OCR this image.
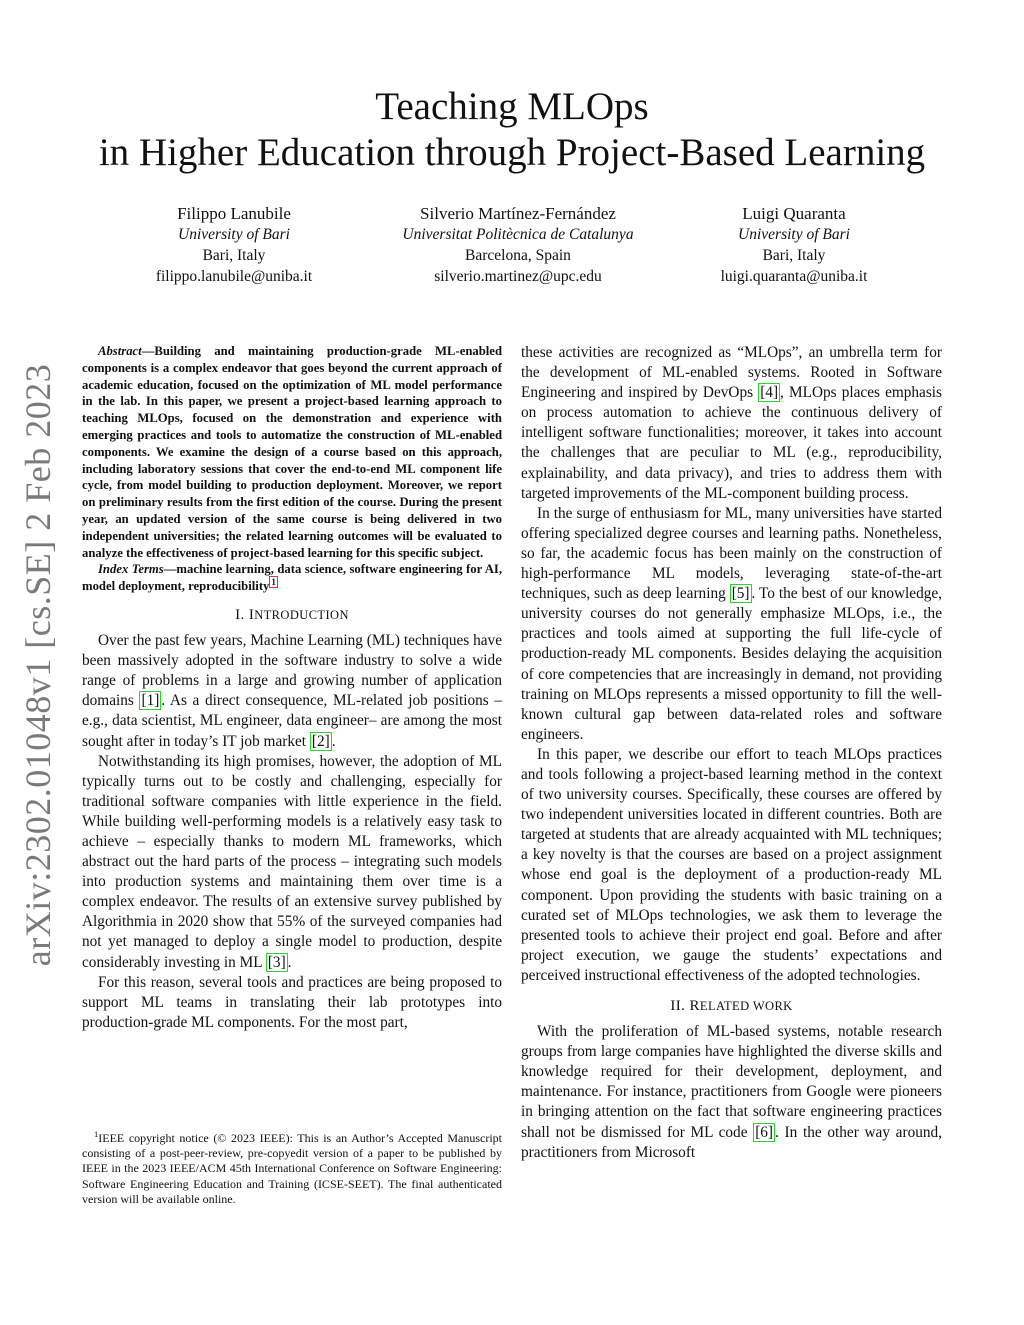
arXiv:2302.01048v1 [cs.SE] 2 Feb 2023
Teaching MLOps
in Higher Education through Project-Based Learning
Filippo Lanubile
University of Bari
Bari, Italy
filippo.lanubile@uniba.it
Silverio Martínez-Fernández
Universitat Politècnica de Catalunya
Barcelona, Spain
silverio.martinez@upc.edu
Luigi Quaranta
University of Bari
Bari, Italy
luigi.quaranta@uniba.it

Abstract—Building and maintaining production-grade ML-enabled components is a complex endeavor that goes beyond the current approach of academic education, focused on the optimization of ML model performance in the lab. In this paper, we present a project-based learning approach to teaching MLOps, focused on the demonstration and experience with emerging practices and tools to automatize the construction of ML-enabled components. We examine the design of a course based on this approach, including laboratory sessions that cover the end-to-end ML component life cycle, from model building to production deployment. Moreover, we report on preliminary results from the first edition of the course. During the present year, an updated version of the same course is being delivered in two independent universities; the related learning outcomes will be evaluated to analyze the effectiveness of project-based learning for this specific subject.

Index Terms—machine learning, data science, software engineering for AI, model deployment, reproducibility $^1$

I. INTRODUCTION

Over the past few years, Machine Learning (ML) techniques have been massively adopted in the software industry to solve a wide range of problems in a large and growing number of application domains [1] . As a direct consequence, ML-related job positions –e.g., data scientist, ML engineer, data engineer– are among the most sought after in today’s IT job market [2] .

Notwithstanding its high promises, however, the adoption of ML typically turns out to be costly and challenging, especially for traditional software companies with little experience in the field. While building well-performing models is a relatively easy task to achieve – especially thanks to modern ML frameworks, which abstract out the hard parts of the process – integrating such models into production systems and maintaining them over time is a complex endeavor. The results of an extensive survey published by Algorithmia in 2020 show that 55% of the surveyed companies had not yet managed to deploy a single model to production, despite considerably investing in ML [3] .

For this reason, several tools and practices are being proposed to support ML teams in translating their lab prototypes into production-grade ML components. For the most part,

$^1$IEEE copyright notice (© 2023 IEEE): This is an Author’s Accepted Manuscript consisting of a post-peer-review, pre-copyedit version of a paper to be published by IEEE in the 2023 IEEE/ACM 45th International Conference on Software Engineering: Software Engineering Education and Training (ICSE-SEET). The final authenticated version will be available online.

these activities are recognized as “MLOps”, an umbrella term for the development of ML-enabled systems. Rooted in Software Engineering and inspired by DevOps [4] , MLOps places emphasis on process automation to achieve the continuous delivery of intelligent software functionalities; moreover, it takes into account the challenges that are peculiar to ML (e.g., reproducibility, explainability, and data privacy), and tries to address them with targeted improvements of the ML-component building process.

In the surge of enthusiasm for ML, many universities have started offering specialized degree courses and learning paths. Nonetheless, so far, the academic focus has been mainly on the construction of high-performance ML models, leveraging state-of-the-art techniques, such as deep learning [5] . To the best of our knowledge, university courses do not generally emphasize MLOps, i.e., the practices and tools aimed at supporting the full life-cycle of production-ready ML components. Besides delaying the acquisition of core competencies that are increasingly in demand, not providing training on MLOps represents a missed opportunity to fill the well-known cultural gap between data-related roles and software engineers.

In this paper, we describe our effort to teach MLOps practices and tools following a project-based learning method in the context of two university courses. Specifically, these courses are offered by two independent universities located in different countries. Both are targeted at students that are already acquainted with ML techniques; a key novelty is that the courses are based on a project assignment whose end goal is the deployment of a production-ready ML component. Upon providing the students with basic training on a curated set of MLOps technologies, we ask them to leverage the presented tools to achieve their project end goal. Before and after project execution, we gauge the students’ expectations and perceived instructional effectiveness of the adopted technologies.

II. RELATED WORK

With the proliferation of ML-based systems, notable research groups from large companies have highlighted the diverse skills and knowledge required for their development, deployment, and maintenance. For instance, practitioners from Google were pioneers in bringing attention on the fact that software engineering practices shall not be dismissed for ML code [6] . In the other way around, practitioners from Microsoft
